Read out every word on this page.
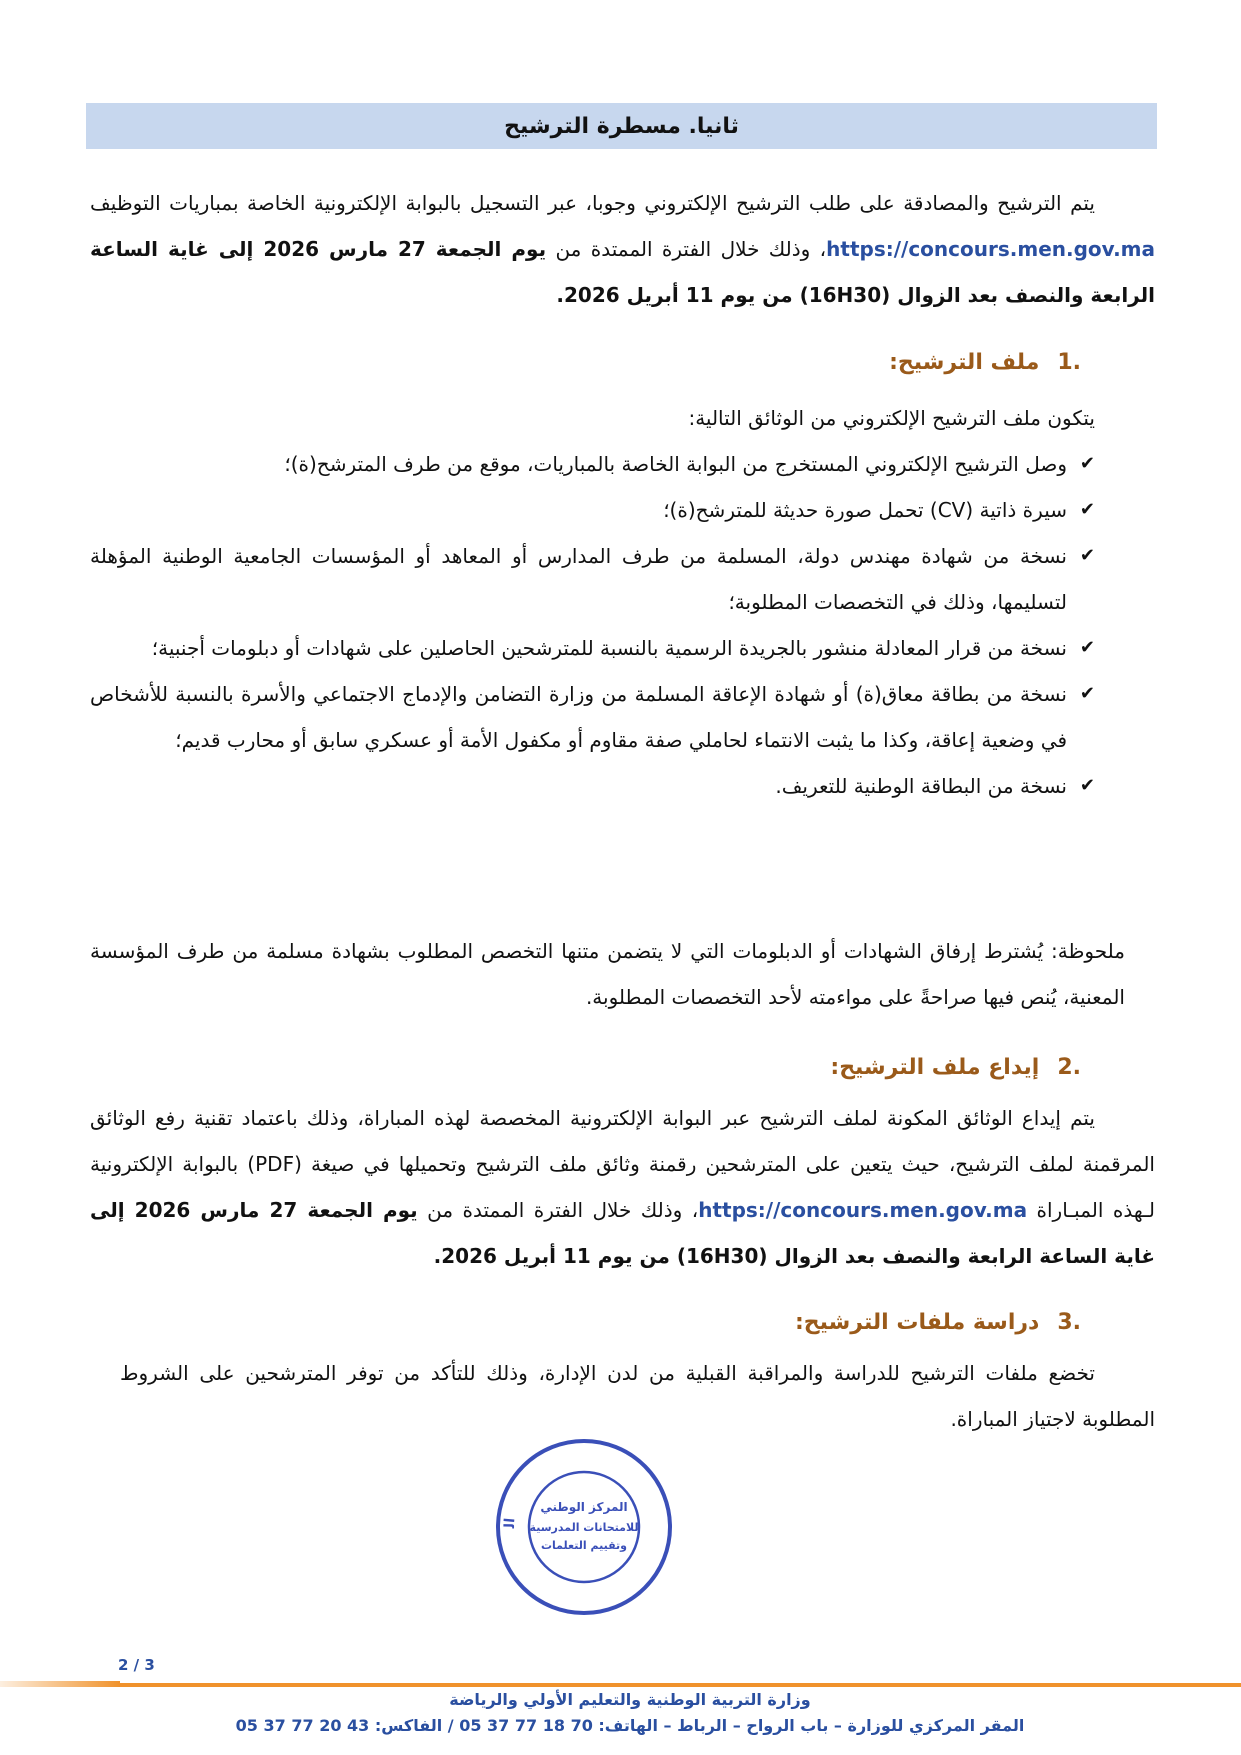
ثانيا. مسطرة الترشيح

يتم الترشيح والمصادقة على طلب الترشيح الإلكتروني وجوبا، عبر التسجيل بالبوابة الإلكترونية الخاصة بمباريات التوظيف https://concours.men.gov.ma، وذلك خلال الفترة الممتدة من يوم الجمعة 27 مارس 2026 إلى غاية الساعة الرابعة والنصف بعد الزوال (16H30) من يوم 11 أبريل 2026.

.1ملف الترشيح:

يتكون ملف الترشيح الإلكتروني من الوثائق التالية:

✔
وصل الترشيح الإلكتروني المستخرج من البوابة الخاصة بالمباريات، موقع من طرف المترشح(ة)؛
✔
سيرة ذاتية (CV) تحمل صورة حديثة للمترشح(ة)؛
✔
نسخة من شهادة مهندس دولة، المسلمة من طرف المدارس أو المعاهد أو المؤسسات الجامعية الوطنية المؤهلة لتسليمها، وذلك في التخصصات المطلوبة؛
✔
نسخة من قرار المعادلة منشور بالجريدة الرسمية بالنسبة للمترشحين الحاصلين على شهادات أو دبلومات أجنبية؛
✔
نسخة من بطاقة معاق(ة) أو شهادة الإعاقة المسلمة من وزارة التضامن والإدماج الاجتماعي والأسرة بالنسبة للأشخاص في وضعية إعاقة، وكذا ما يثبت الانتماء لحاملي صفة مقاوم أو مكفول الأمة أو عسكري سابق أو محارب قديم؛
✔
نسخة من البطاقة الوطنية للتعريف.

ملحوظة: يُشترط إرفاق الشهادات أو الدبلومات التي لا يتضمن متنها التخصص المطلوب بشهادة مسلمة من طرف المؤسسة المعنية، يُنص فيها صراحةً على مواءمته لأحد التخصصات المطلوبة.

.2إيداع ملف الترشيح:

يتم إيداع الوثائق المكونة لملف الترشيح عبر البوابة الإلكترونية المخصصة لهذه المباراة، وذلك باعتماد تقنية رفع الوثائق المرقمنة لملف الترشيح، حيث يتعين على المترشحين رقمنة وثائق ملف الترشيح وتحميلها في صيغة (PDF) بالبوابة الإلكترونية لـهذه المبـاراة https://concours.men.gov.ma، وذلك خلال الفترة الممتدة من يوم الجمعة 27 مارس 2026 إلى غاية الساعة الرابعة والنصف بعد الزوال (16H30) من يوم 11 أبريل 2026.

.3دراسة ملفات الترشيح:

تخضع ملفات الترشيح للدراسة والمراقبة القبلية من لدن الإدارة، وذلك للتأكد من توفر المترشحين على الشروط المطلوبة لاجتياز المباراة.

ال
المركز الوطني
للامتحانات المدرسية
وتقييم التعلمات
2 / 3
وزارة التربية الوطنية والتعليم الأولي والرياضة
المقر المركزي للوزارة – باب الرواح – الرباط – الهاتف: 70 18 77 37 05 / الفاكس: 43 20 77 37 05
